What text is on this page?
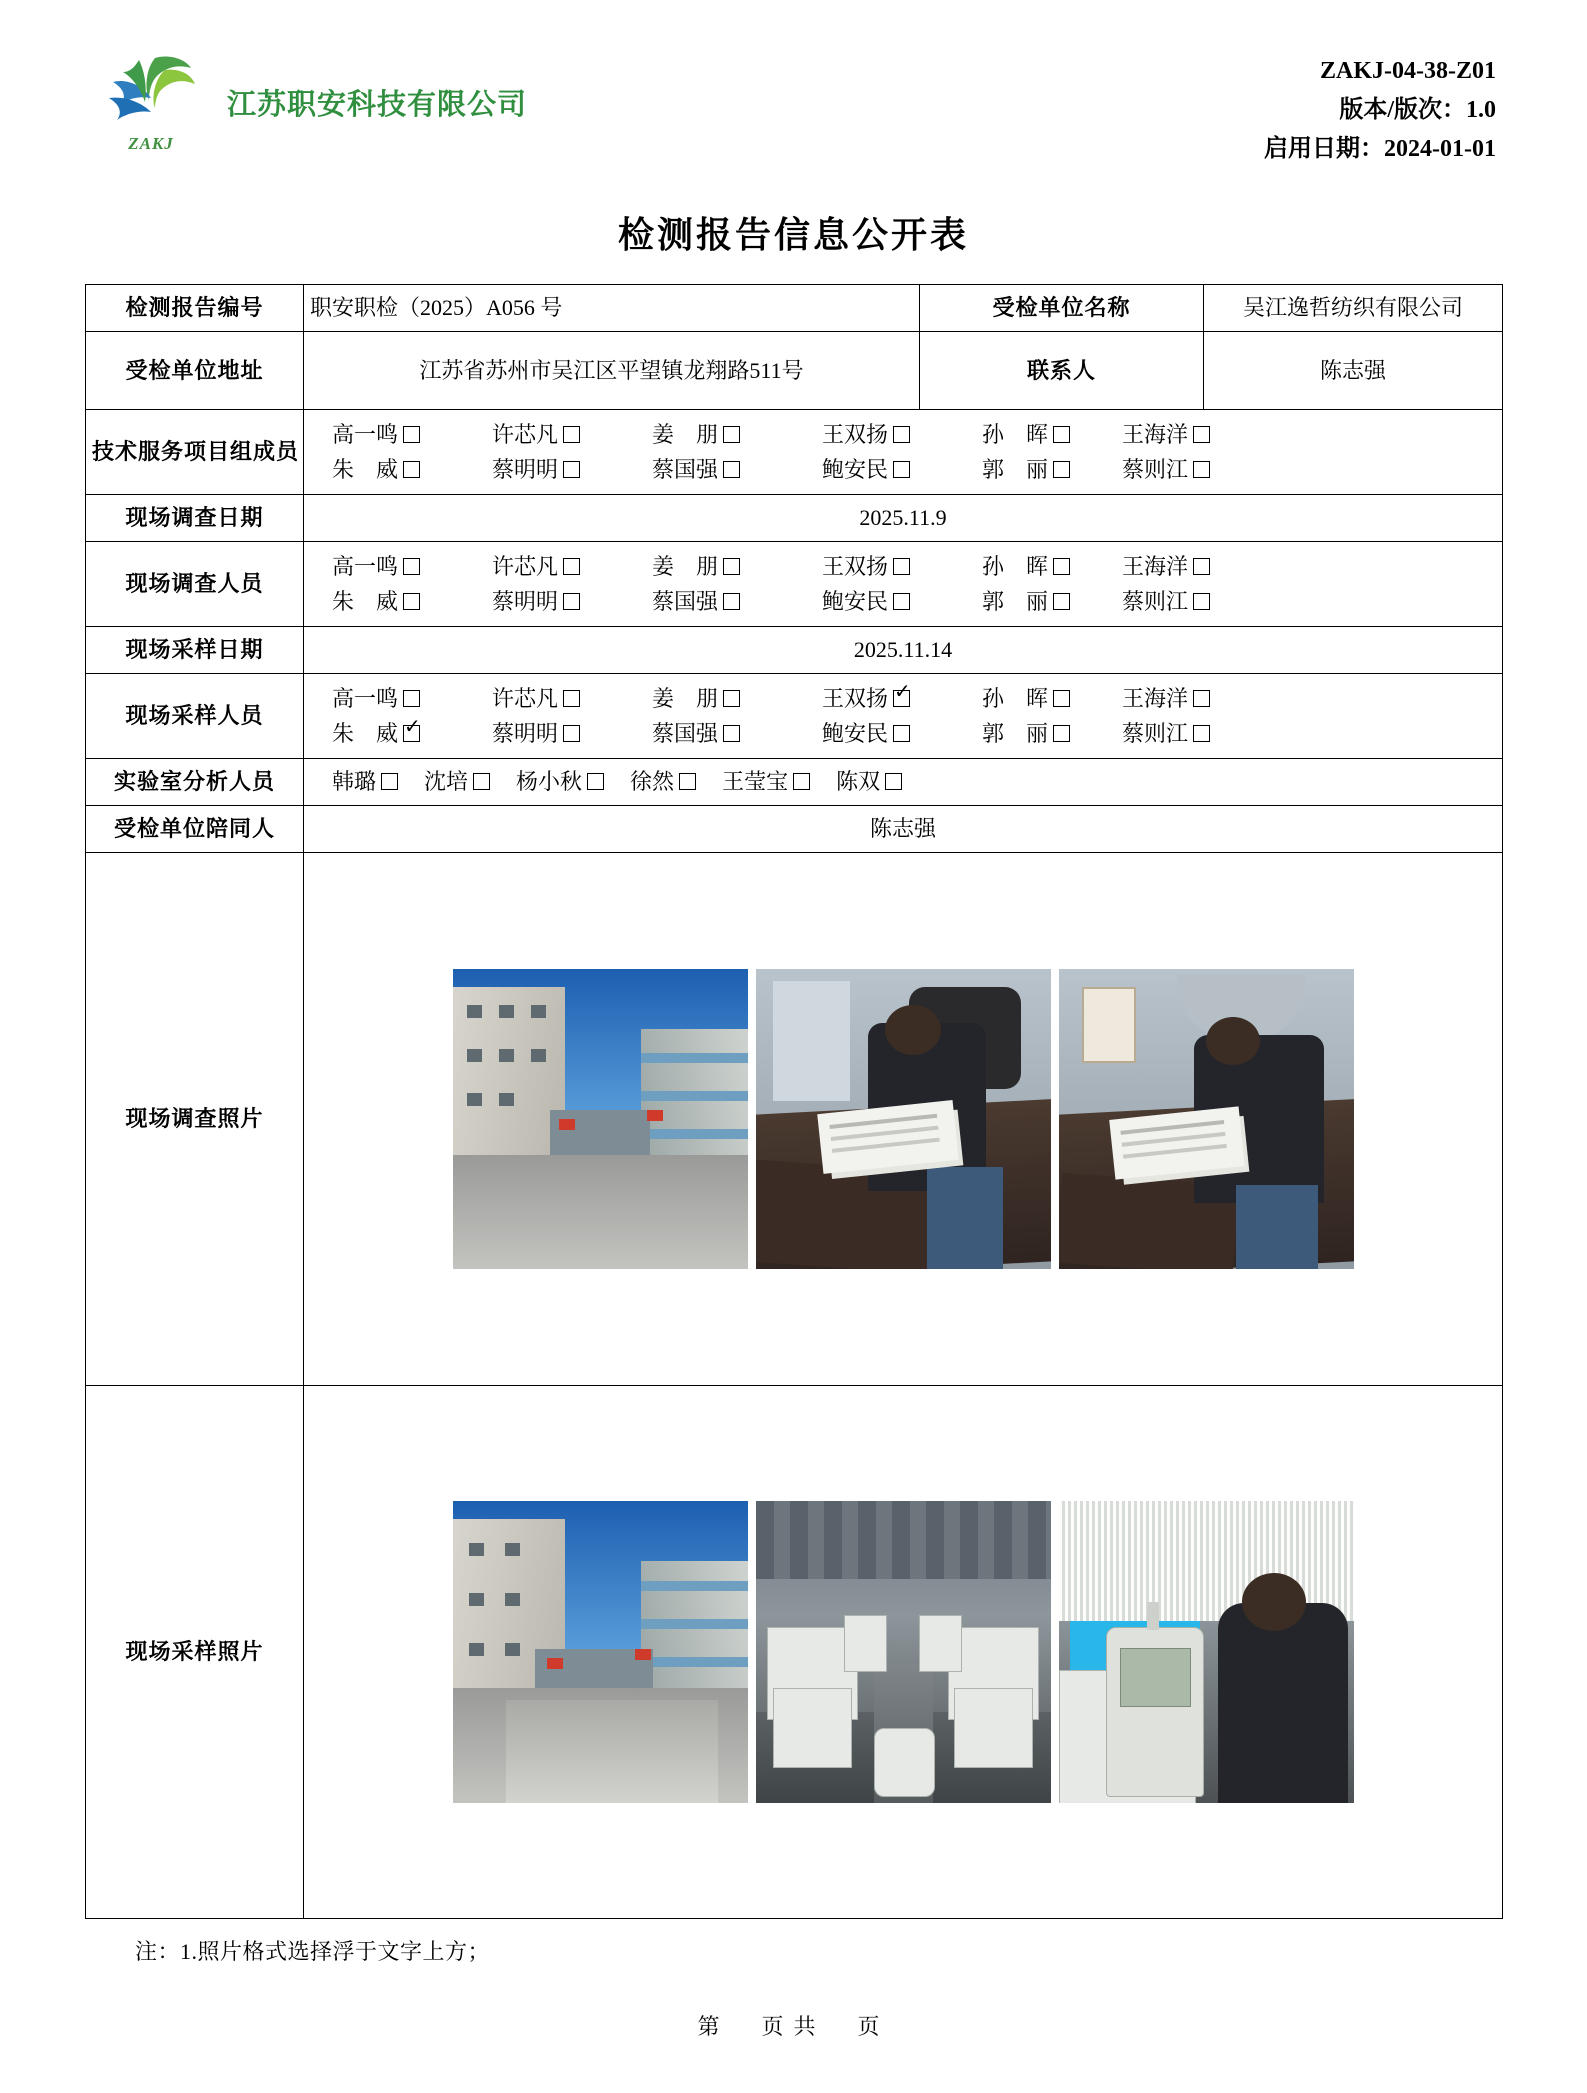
ZAKJ
江苏职安科技有限公司
ZAKJ-04-38-Z01
版本/版次：1.0
启用日期：2024-01-01
检测报告信息公开表
检测报告编号	职安职检（2025）A056 号	受检单位名称	吴江逸哲纺织有限公司
受检单位地址	江苏省苏州市吴江区平望镇龙翔路511号	联系人	陈志强
技术服务项目组成员	
高一鸣	许芯凡	姜　朋	王双扬	孙　晖	王海洋
朱　威	蔡明明	蔡国强	鲍安民	郭　丽	蔡则江

现场调查日期	2025.11.9		
现场调查人员	
高一鸣	许芯凡	姜　朋	王双扬	孙　晖	王海洋
朱　威	蔡明明	蔡国强	鲍安民	郭　丽	蔡则江

现场采样日期	2025.11.14		
现场采样人员	
高一鸣	许芯凡	姜　朋	王双扬 ✓	孙　晖	王海洋
朱　威 ✓	蔡明明	蔡国强	鲍安民	郭　丽	蔡则江

实验室分析人员	韩璐 沈培 杨小秋 徐然 王莹宝 陈双

受检单位陪同人	陈志强		
现场调查照片			

现场采样照片			
注：1.照片格式选择浮于文字上方；
第　页共　页
